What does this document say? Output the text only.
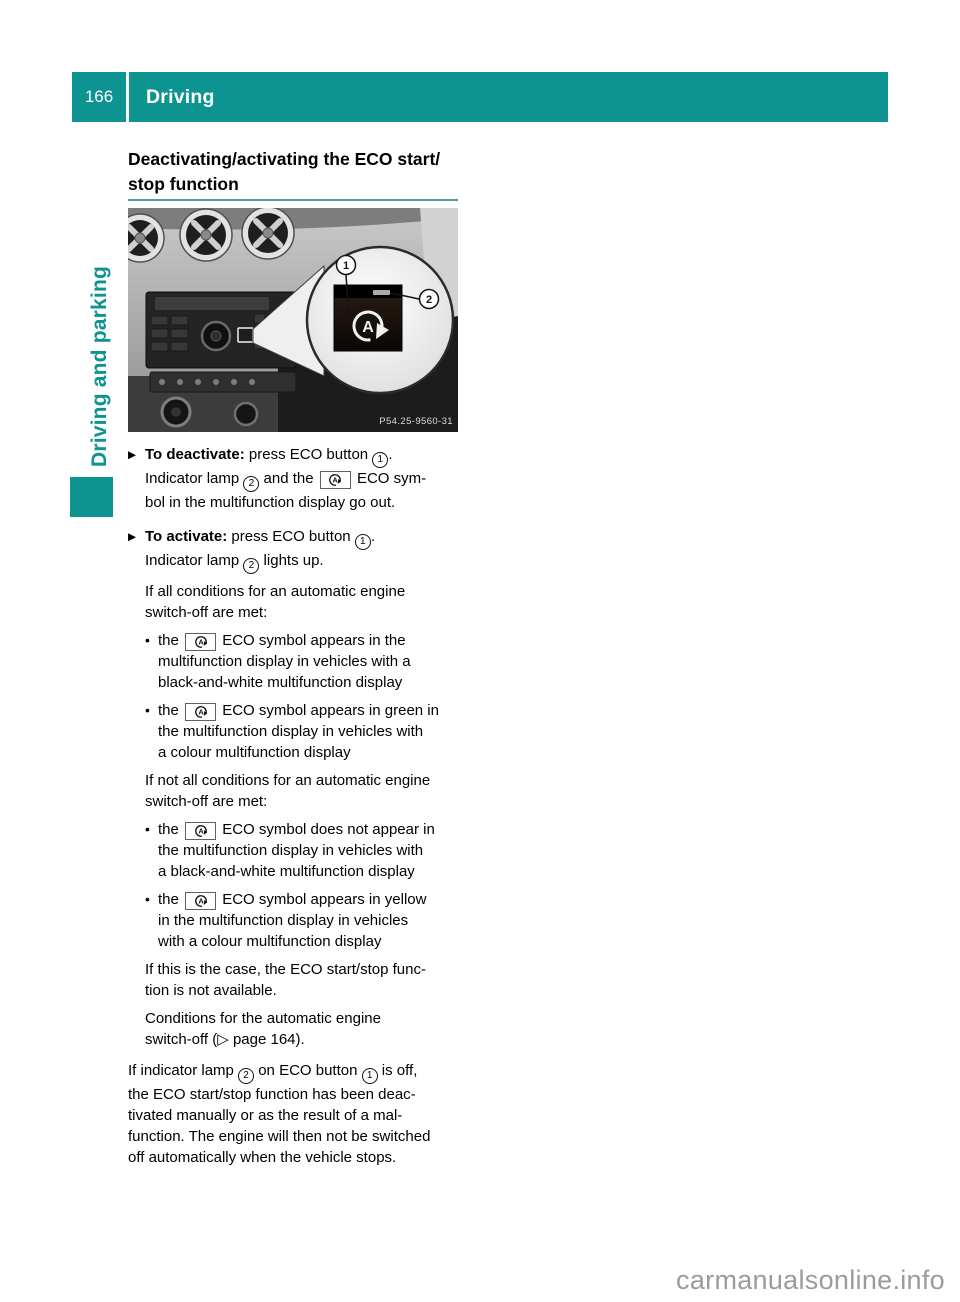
166 Driving
Driving and parking
Deactivating/activating the ECO start/
stop function
A
1
2
P54.25-9560-31
▶ To deactivate: press ECO button 1 .
Indicator lamp 2 and the A ECO sym-
bol in the multifunction display go out.
▶ To activate: press ECO button 1 .
Indicator lamp 2 lights up.
If all conditions for an automatic engine
switch-off are met:
• the A ECO symbol appears in the
multifunction display in vehicles with a
black-and-white multifunction display
• the A ECO symbol appears in green in
the multifunction display in vehicles with
a colour multifunction display
If not all conditions for an automatic engine
switch-off are met:
• the A ECO symbol does not appear in
the multifunction display in vehicles with
a black-and-white multifunction display
• the A ECO symbol appears in yellow
in the multifunction display in vehicles
with a colour multifunction display
If this is the case, the ECO start/stop func-
tion is not available.
Conditions for the automatic engine
switch-off (▷ page 164).
If indicator lamp 2 on ECO button 1 is off,
the ECO start/stop function has been deac-
tivated manually or as the result of a mal-
function. The engine will then not be switched
off automatically when the vehicle stops.
carmanualsonline.info
